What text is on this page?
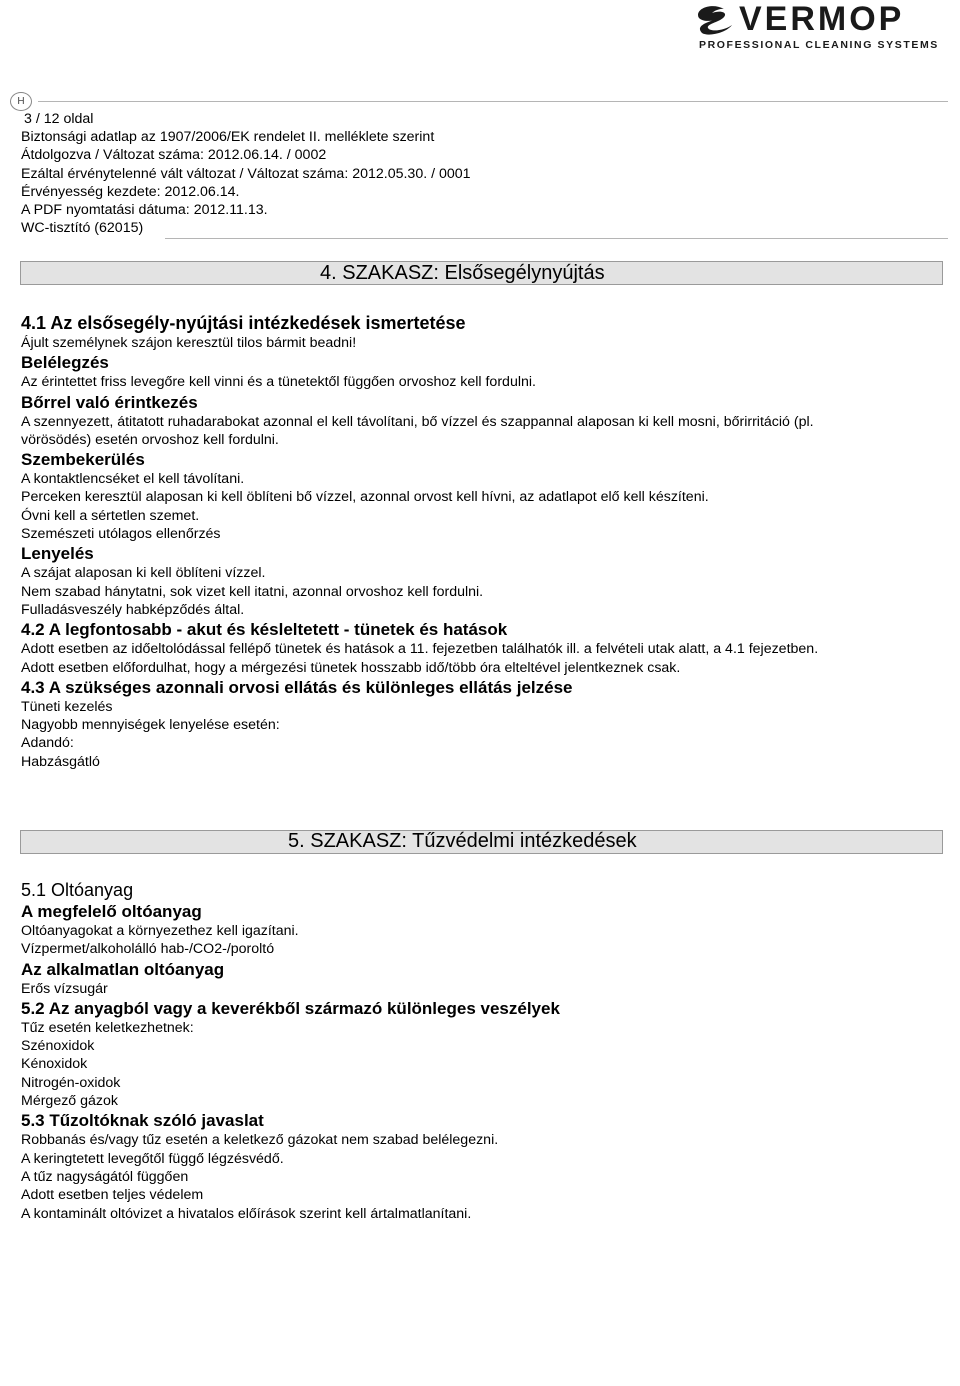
VERMOP
PROFESSIONAL CLEANING SYSTEMS
H
3 / 12 oldal
Biztonsági adatlap az 1907/2006/EK rendelet II. melléklete szerint
Átdolgozva / Változat száma: 2012.06.14. / 0002
Ezáltal érvénytelenné vált változat / Változat száma: 2012.05.30. / 0001
Érvényesség kezdete: 2012.06.14.
A PDF nyomtatási dátuma: 2012.11.13.
WC-tisztító (62015)
4. SZAKASZ: Elsősegélynyújtás
4.1 Az elsősegély-nyújtási intézkedések ismertetése
Ájult személynek szájon keresztül tilos bármit beadni!
Belélegzés
Az érintettet friss levegőre kell vinni és a tünetektől függően orvoshoz kell fordulni.
Bőrrel való érintkezés
A szennyezett, átitatott ruhadarabokat azonnal el kell távolítani, bő vízzel és szappannal alaposan ki kell mosni, bőrirritáció (pl.
vörösödés) esetén orvoshoz kell fordulni.
Szembekerülés
A kontaktlencséket el kell távolítani.
Perceken keresztül alaposan ki kell öblíteni bő vízzel, azonnal orvost kell hívni, az adatlapot elő kell készíteni.
Óvni kell a sértetlen szemet.
Szemészeti utólagos ellenőrzés
Lenyelés
A szájat alaposan ki kell öblíteni vízzel.
Nem szabad hánytatni, sok vizet kell itatni, azonnal orvoshoz kell fordulni.
Fulladásveszély habképződés által.
4.2 A legfontosabb - akut és késleltetett - tünetek és hatások
Adott esetben az időeltolódással fellépő tünetek és hatások a 11. fejezetben találhatók ill. a felvételi utak alatt, a 4.1 fejezetben.
Adott esetben előfordulhat, hogy a mérgezési tünetek hosszabb idő/több óra elteltével jelentkeznek csak.
4.3 A szükséges azonnali orvosi ellátás és különleges ellátás jelzése
Tüneti kezelés
Nagyobb mennyiségek lenyelése esetén:
Adandó:
Habzásgátló
5. SZAKASZ: Tűzvédelmi intézkedések
5.1 Oltóanyag
A megfelelő oltóanyag
Oltóanyagokat a környezethez kell igazítani.
Vízpermet/alkoholálló hab-/CO2-/poroltó
Az alkalmatlan oltóanyag
Erős vízsugár
5.2 Az anyagból vagy a keverékből származó különleges veszélyek
Tűz esetén keletkezhetnek:
Szénoxidok
Kénoxidok
Nitrogén-oxidok
Mérgező gázok
5.3 Tűzoltóknak szóló javaslat
Robbanás és/vagy tűz esetén a keletkező gázokat nem szabad belélegezni.
A keringtetett levegőtől függő légzésvédő.
A tűz nagyságától függően
Adott esetben teljes védelem
A kontaminált oltóvizet a hivatalos előírások szerint kell ártalmatlanítani.
